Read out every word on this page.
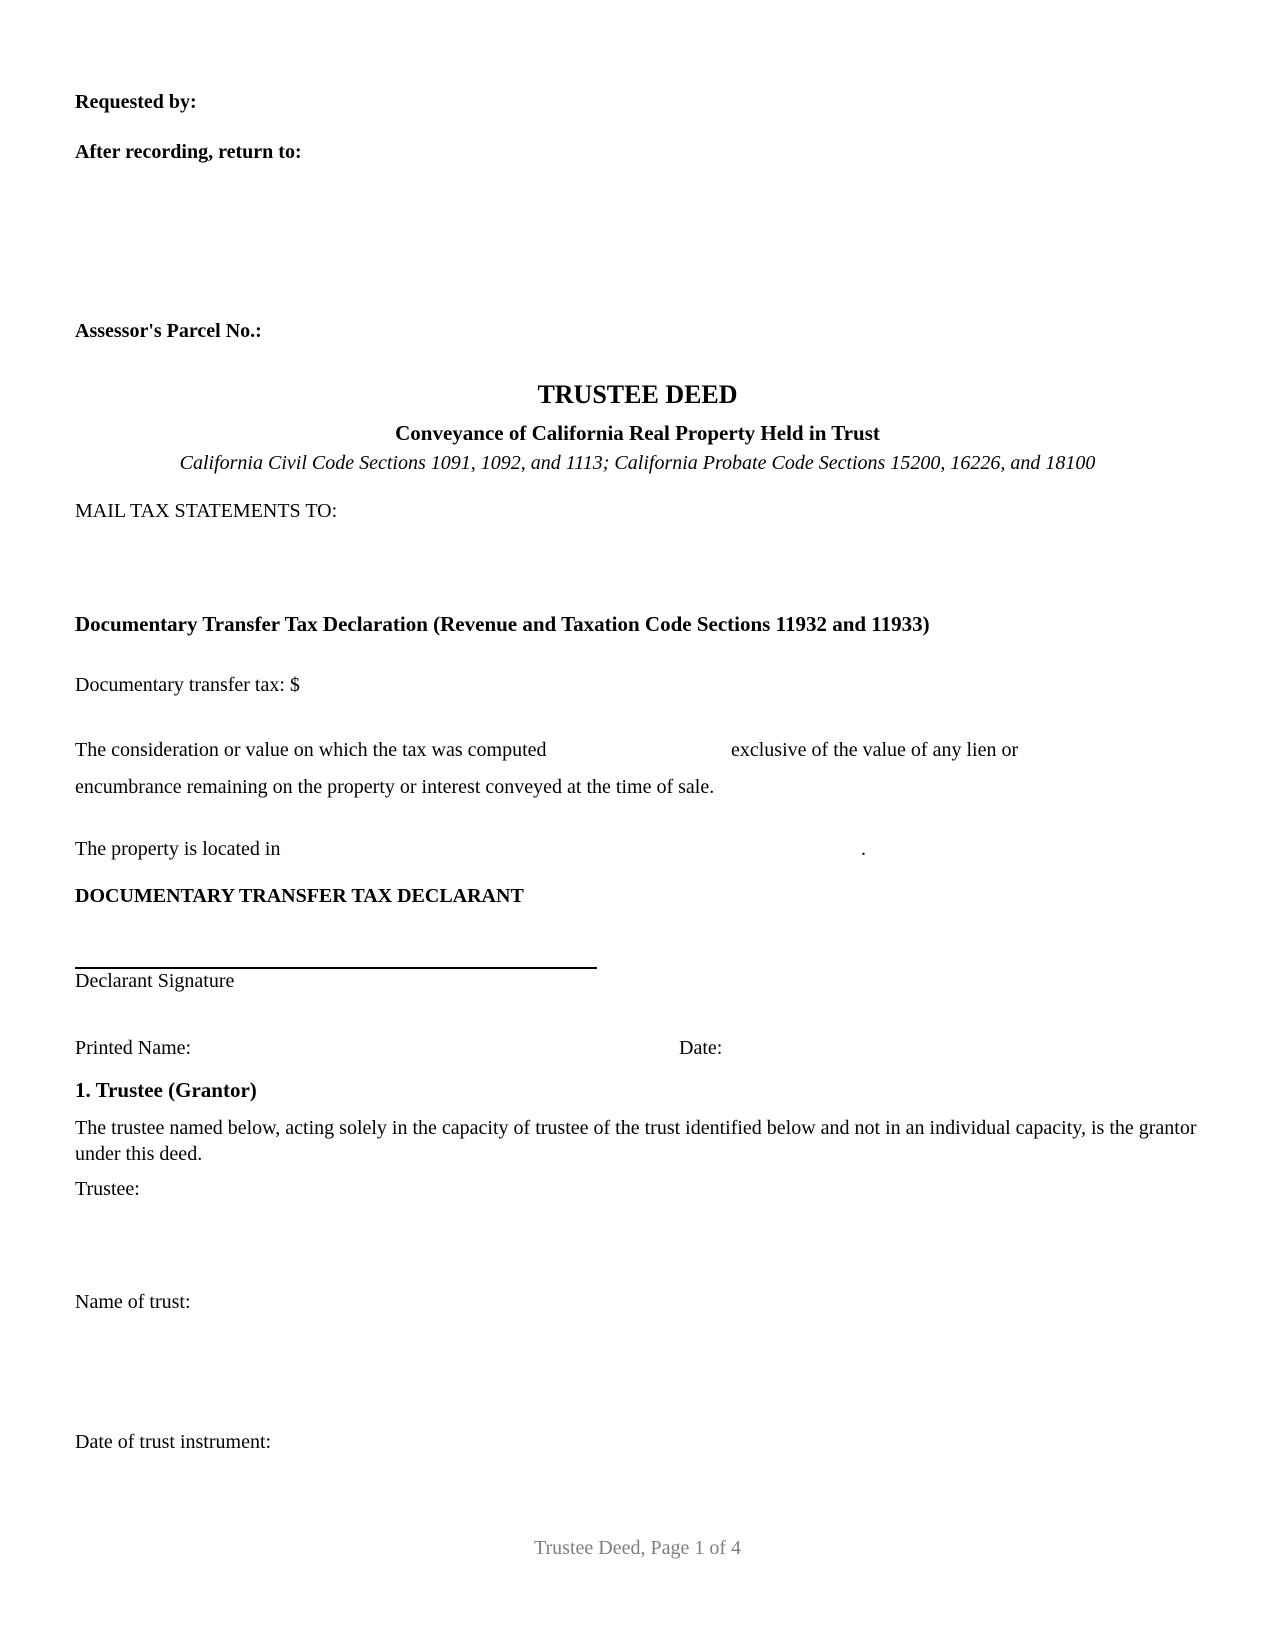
Requested by:
After recording, return to:
Assessor's Parcel No.:
TRUSTEE DEED
Conveyance of California Real Property Held in Trust
California Civil Code Sections 1091, 1092, and 1113; California Probate Code Sections 15200, 16226, and 18100
MAIL TAX STATEMENTS TO:
Documentary Transfer Tax Declaration (Revenue and Taxation Code Sections 11932 and 11933)
Documentary transfer tax: $
The consideration or value on which the tax was computed	exclusive of the value of any lien or
encumbrance remaining on the property or interest conveyed at the time of sale.
The property is located in	.
DOCUMENTARY TRANSFER TAX DECLARANT
Declarant Signature
Printed Name:	Date:
1. Trustee (Grantor)
The trustee named below, acting solely in the capacity of trustee of the trust identified below and not in an individual capacity, is the grantor under this deed.
Trustee:
Name of trust:
Date of trust instrument:
Trustee Deed, Page 1 of 4
